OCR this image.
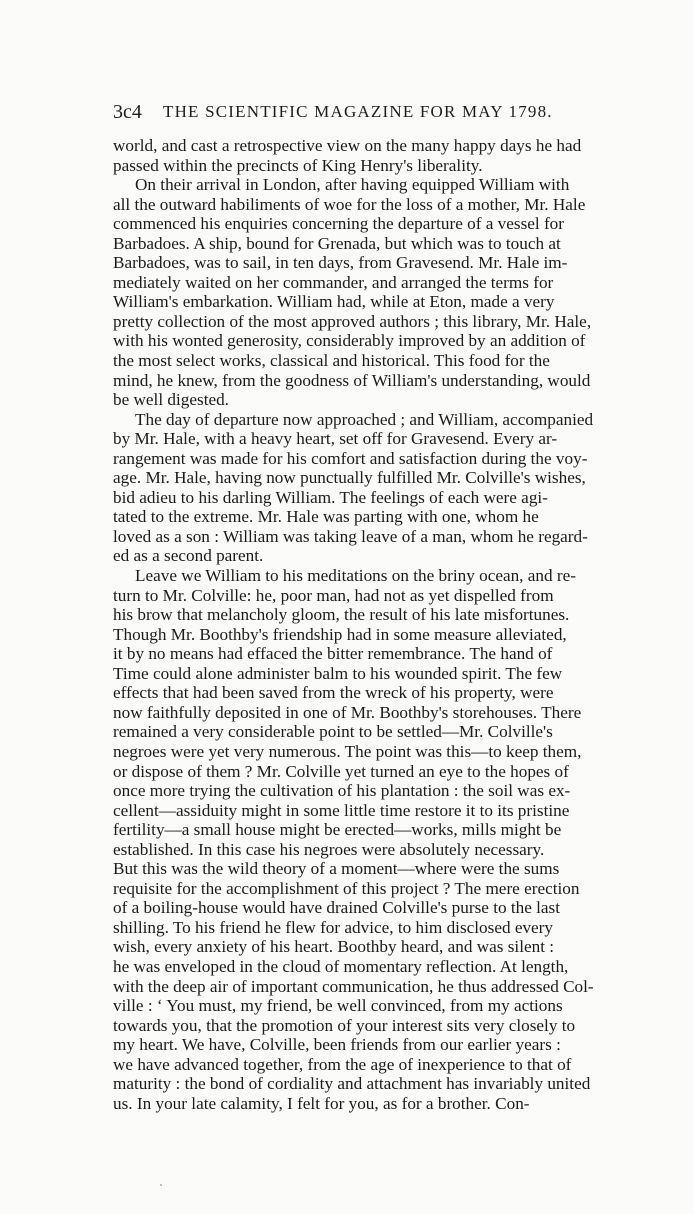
3c4 THE SCIENTIFIC MAGAZINE FOR MAY 1798.
world, and cast a retrospective view on the many happy days he had
passed within the precincts of King Henry's liberality.
On their arrival in London, after having equipped William with
all the outward habiliments of woe for the loss of a mother, Mr. Hale
commenced his enquiries concerning the departure of a vessel for
Barbadoes. A ship, bound for Grenada, but which was to touch at
Barbadoes, was to sail, in ten days, from Gravesend. Mr. Hale im-
mediately waited on her commander, and arranged the terms for
William's embarkation. William had, while at Eton, made a very
pretty collection of the most approved authors ; this library, Mr. Hale,
with his wonted generosity, considerably improved by an addition of
the most select works, classical and historical. This food for the
mind, he knew, from the goodness of William's understanding, would
be well digested.
The day of departure now approached ; and William, accompanied
by Mr. Hale, with a heavy heart, set off for Gravesend. Every ar-
rangement was made for his comfort and satisfaction during the voy-
age. Mr. Hale, having now punctually fulfilled Mr. Colville's wishes,
bid adieu to his darling William. The feelings of each were agi-
tated to the extreme. Mr. Hale was parting with one, whom he
loved as a son : William was taking leave of a man, whom he regard-
ed as a second parent.
Leave we William to his meditations on the briny ocean, and re-
turn to Mr. Colville: he, poor man, had not as yet dispelled from
his brow that melancholy gloom, the result of his late misfortunes.
Though Mr. Boothby's friendship had in some measure alleviated,
it by no means had effaced the bitter remembrance. The hand of
Time could alone administer balm to his wounded spirit. The few
effects that had been saved from the wreck of his property, were
now faithfully deposited in one of Mr. Boothby's storehouses. There
remained a very considerable point to be settled—Mr. Colville's
negroes were yet very numerous. The point was this—to keep them,
or dispose of them ? Mr. Colville yet turned an eye to the hopes of
once more trying the cultivation of his plantation : the soil was ex-
cellent—assiduity might in some little time restore it to its pristine
fertility—a small house might be erected—works, mills might be
established. In this case his negroes were absolutely necessary.
But this was the wild theory of a moment—where were the sums
requisite for the accomplishment of this project ? The mere erection
of a boiling-house would have drained Colville's purse to the last
shilling. To his friend he flew for advice, to him disclosed every
wish, every anxiety of his heart. Boothby heard, and was silent :
he was enveloped in the cloud of momentary reflection. At length,
with the deep air of important communication, he thus addressed Col-
ville : ‘ You must, my friend, be well convinced, from my actions
towards you, that the promotion of your interest sits very closely to
my heart. We have, Colville, been friends from our earlier years :
we have advanced together, from the age of inexperience to that of
maturity : the bond of cordiality and attachment has invariably united
us. In your late calamity, I felt for you, as for a brother. Con-
